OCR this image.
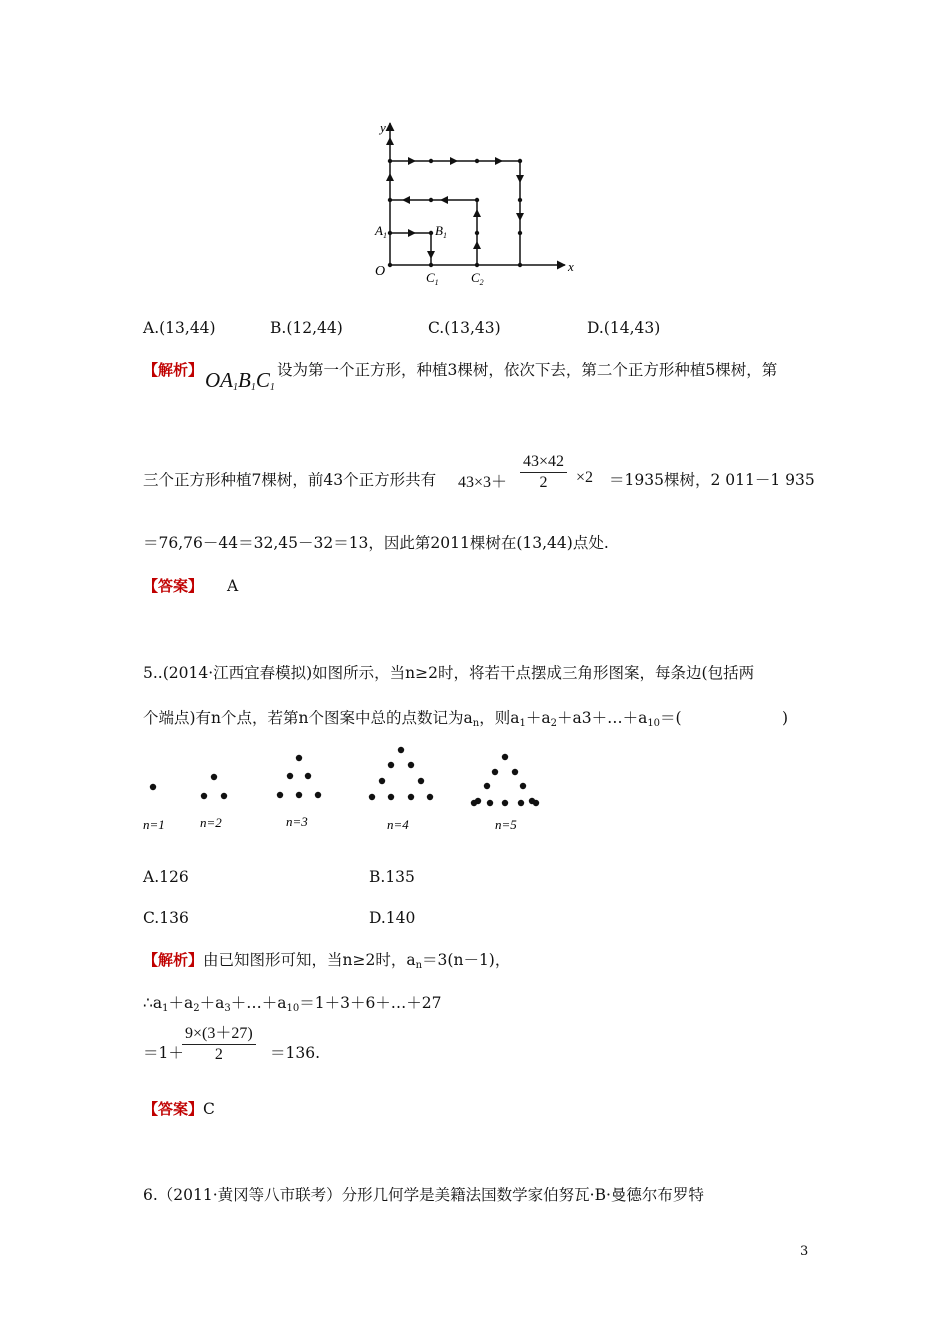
y
x
O
$A_1$	$B_1$
$C_1$ $C_2$
A.(13,44)	B.(12,44)	C.(13,43)	D.(14,43)
【解析】 $OA_1B_1C_1$
设为第一个正方形，种植3棵树，依次下去，第二个正方形种植5棵树，第
三个正方形种植7棵树，前43个正方形共有 $43\times 3+ \frac{43\times 42}{2} \times 2 =1935$棵树，2 011－1 935
＝76,76－44＝32,45－32＝13，因此第2011棵树在(13,44)点处.
【答案】 A
5..(2014·江西宜春模拟)如图所示，当n≥2时，将若干点摆成三角形图案，每条边(包括两
个端点)有n个点，若第n个图案中总的点数记为$a_n$，则$a_1+a_2+a3+\dots+a_{10}=$(	)
n=1	n=2	n=3	n=4	n=5
A.126	B.135
C.136	D.140
【解析】由已知图形可知，当n≥2时，$a_n=3(n-1)$，
$\therefore a_1+a_2+a_3+\dots+a_{10}=1+3+6+\dots+27$
＝1＋
$\frac{9\times(3+27)}{2} =136$.
【答案】C
6.（2011·黄冈等八市联考）分形几何学是美籍法国数学家伯努瓦·B·曼德尔布罗特
3
